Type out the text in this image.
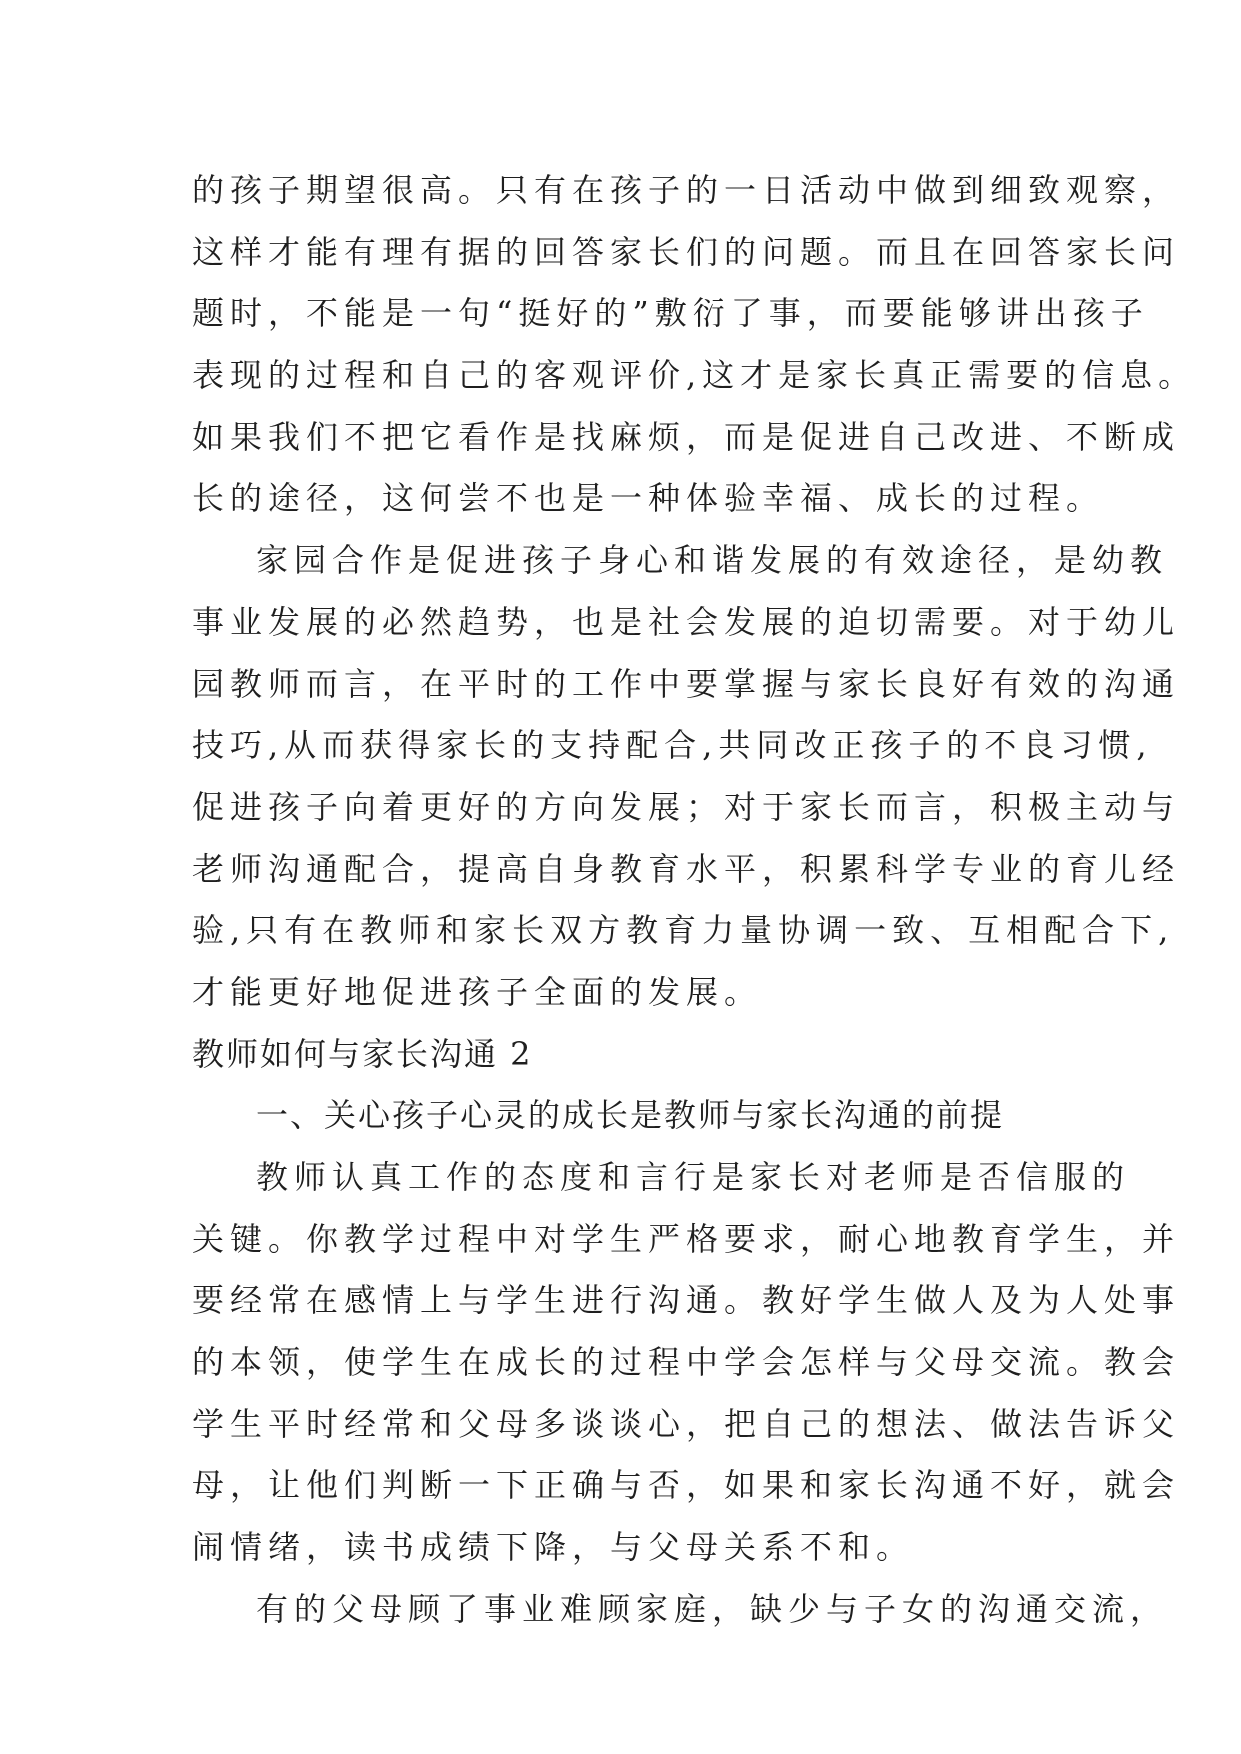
的孩子期望很高。只有在孩子的一日活动中做到细致观察，
这样才能有理有据的回答家长们的问题。而且在回答家长问
题时，不能是一句“挺好的”敷衍了事，而要能够讲出孩子
表现的过程和自己的客观评价,这才是家长真正需要的信息。
如果我们不把它看作是找麻烦，而是促进自己改进、不断成
长的途径，这何尝不也是一种体验幸福、成长的过程。
家园合作是促进孩子身心和谐发展的有效途径，是幼教
事业发展的必然趋势，也是社会发展的迫切需要。对于幼儿
园教师而言，在平时的工作中要掌握与家长良好有效的沟通
技巧,从而获得家长的支持配合,共同改正孩子的不良习惯,
促进孩子向着更好的方向发展；对于家长而言，积极主动与
老师沟通配合，提高自身教育水平，积累科学专业的育儿经
验,只有在教师和家长双方教育力量协调一致、互相配合下,
才能更好地促进孩子全面的发展。
教师如何与家长沟通 2
一、关心孩子心灵的成长是教师与家长沟通的前提
教师认真工作的态度和言行是家长对老师是否信服的
关键。你教学过程中对学生严格要求，耐心地教育学生，并
要经常在感情上与学生进行沟通。教好学生做人及为人处事
的本领，使学生在成长的过程中学会怎样与父母交流。教会
学生平时经常和父母多谈谈心，把自己的想法、做法告诉父
母，让他们判断一下正确与否，如果和家长沟通不好，就会
闹情绪，读书成绩下降，与父母关系不和。
有的父母顾了事业难顾家庭，缺少与子女的沟通交流，
